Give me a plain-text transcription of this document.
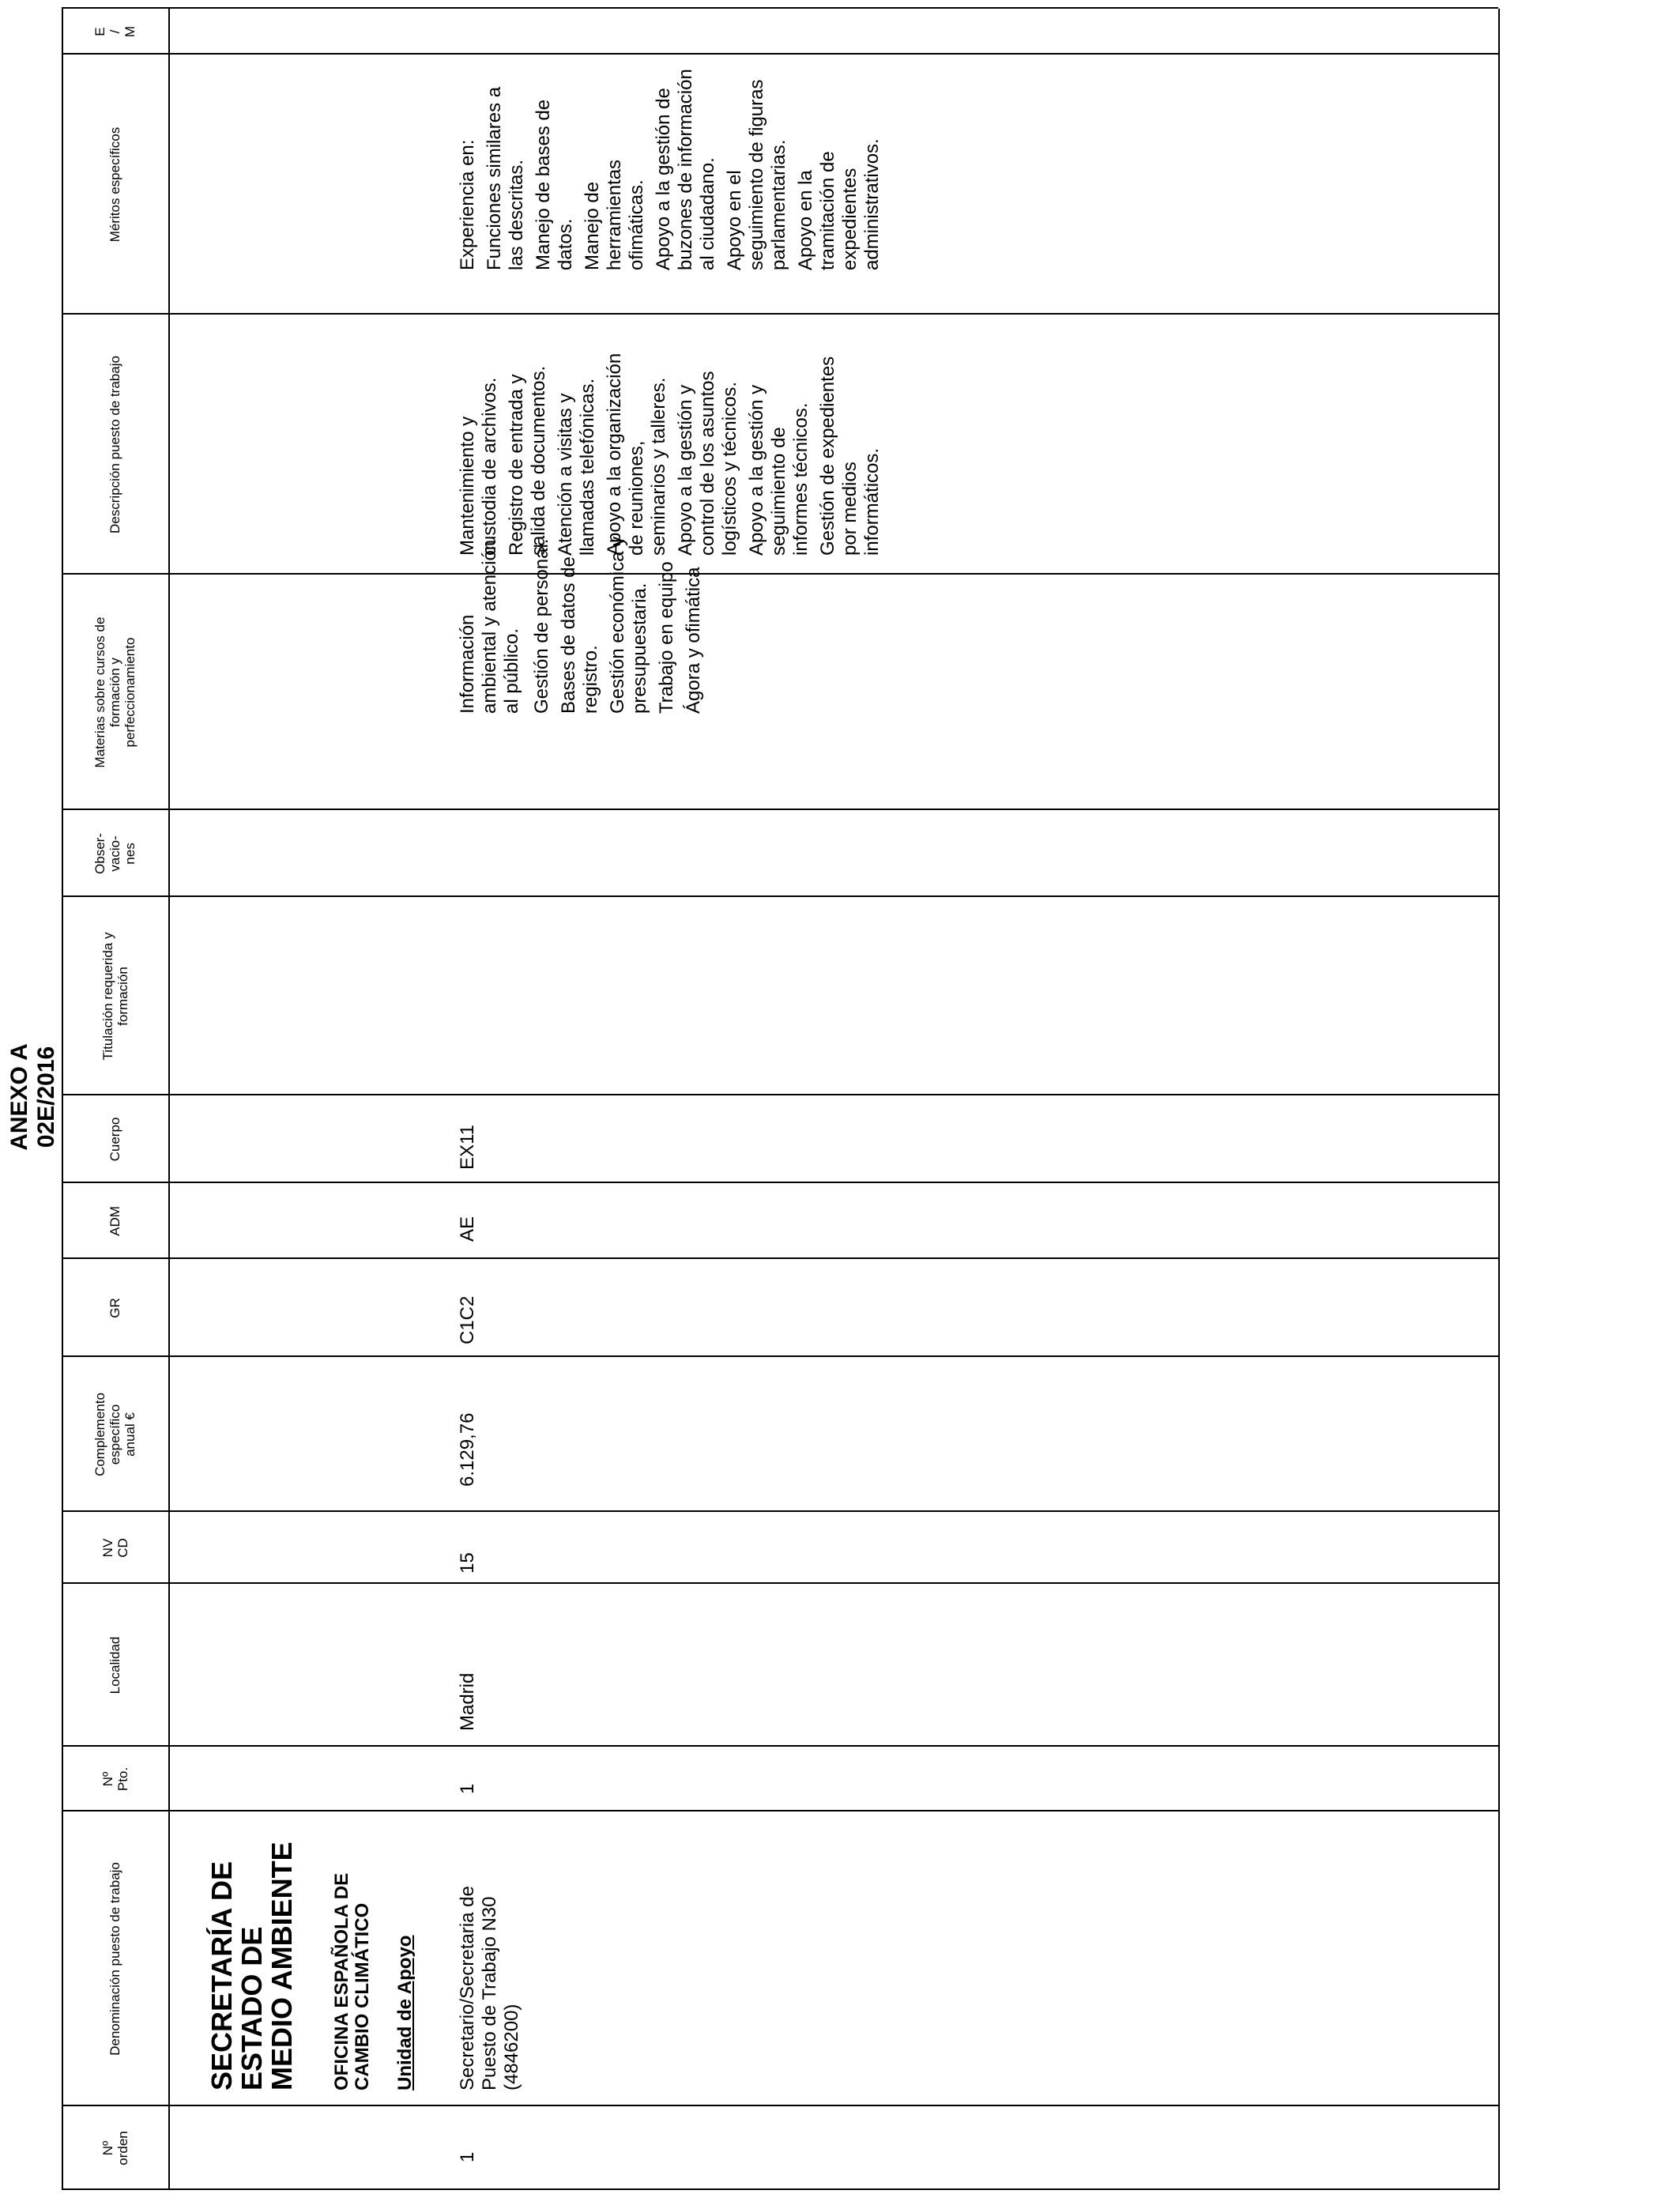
ANEXO A 02E/2016
Nº
orden
Denominación puesto de trabajo
Nº
Pto.
Localidad
NV
CD
Complemento
específico
anual €
GR
ADM
Cuerpo
Titulación requerida y
formación
Obser-
vacio-
nes
Materias sobre cursos de
formación y
perfeccionamiento
Descripción puesto de trabajo
Méritos específicos
E
/
M
SECRETARÍA DE
ESTADO DE
MEDIO AMBIENTE
OFICINA ESPAÑOLA DE
CAMBIO CLIMÁTICO Unidad de Apoyo
1
Secretario/Secretaria de
Puesto de Trabajo N30
(4846200)
1
Madrid
15
6.129,76
C1C2
AE
EX11
Información
ambiental y atención
al público. Gestión de personal. Bases de datos de
registro. Gestión económica y
presupuestaria. Trabajo en equipo Ágora y ofimática
Mantenimiento y
custodia de archivos.
Registro de entrada y
salida de documentos.
Atención a visitas y
llamadas telefónicas.
Apoyo a la organización
de reuniones,
seminarios y talleres.
Apoyo a la gestión y
control de los asuntos
logísticos y técnicos.
Apoyo a la gestión y
seguimiento de
informes técnicos.
Gestión de expedientes
por medios
informáticos.
Experiencia en: Funciones similares a
las descritas. Manejo de bases de
datos. Manejo de
herramientas
ofimáticas. Apoyo a la gestión de
buzones de información
al ciudadano. Apoyo en el
seguimiento de figuras
parlamentarias. Apoyo en la
tramitación de
expedientes
administrativos.
